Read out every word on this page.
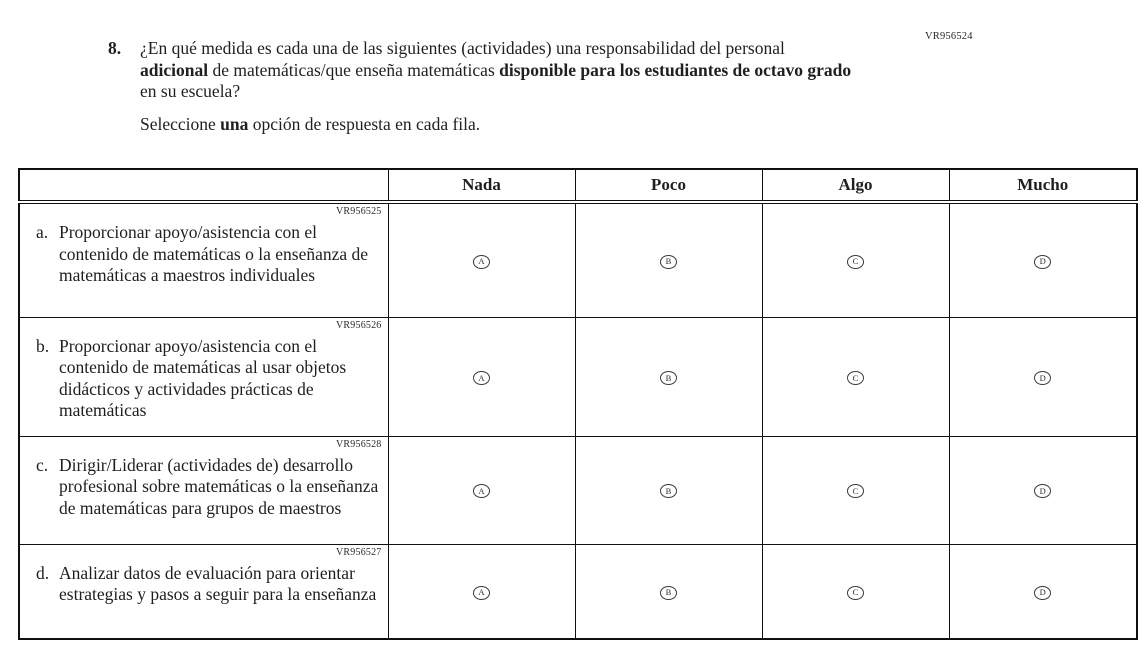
VR956524
8.	¿En qué medida es cada una de las siguientes (actividades) una responsabilidad del personal adicional de matemáticas/que enseña matemáticas disponible para los estudiantes de octavo grado en su escuela?
Seleccione una opción de respuesta en cada fila.
	Nada	Poco	Algo	Mucho

VR956525
a. Proporcionar apoyo/asistencia con el contenido de matemáticas o la enseñanza de matemáticas a maestros individuales	A	B	C	D

VR956526
b. Proporcionar apoyo/asistencia con el contenido de matemáticas al usar objetos didácticos y actividades prácticas de matemáticas	A	B	C	D

VR956528
c. Dirigir/Liderar (actividades de) desarrollo profesional sobre matemáticas o la enseñanza de matemáticas para grupos de maestros	A	B	C	D

VR956527
d. Analizar datos de evaluación para orientar estrategias y pasos a seguir para la enseñanza	A	B	C	D
